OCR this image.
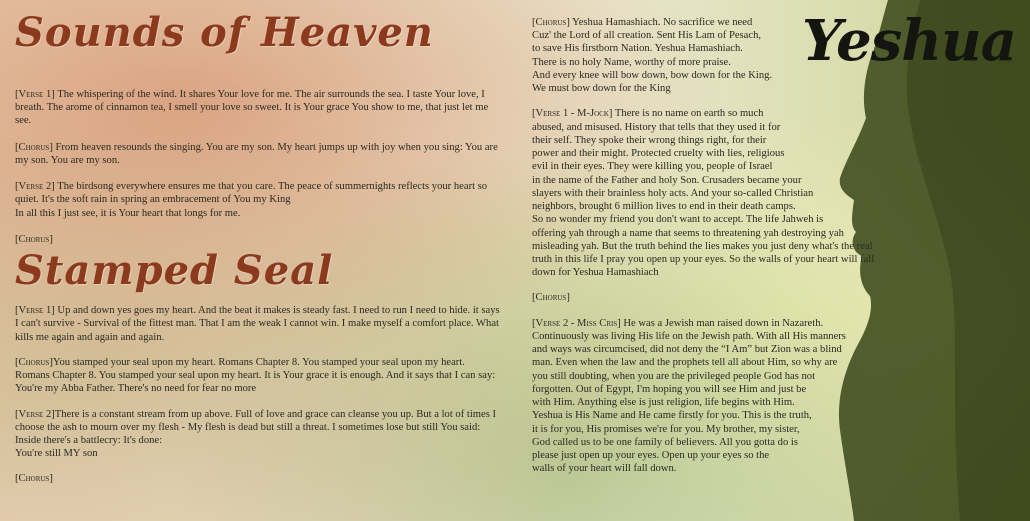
Yeshua
Sounds of Heaven

[Verse 1] The whispering of the wind. It shares Your love for me. The air surrounds the sea. I taste Your love, I breath. The arome of cinnamon tea, I smell your love so sweet. It is Your grace You show to me, that just let me see.

[Chorus] From heaven resounds the singing. You are my son. My heart jumps up with joy when you sing: You are my son. You are my son.

[Verse 2] The birdsong everywhere ensures me that you care. The peace of summernights reflects your heart so quiet. It's the soft rain in spring an embracement of You my King
In all this I just see, it is Your heart that longs for me.

[Chorus]

Stamped Seal

[Verse 1] Up and down yes goes my heart. And the beat it makes is steady fast. I need to run I need to hide. it says I can't survive - Survival of the fittest man. That I am the weak I cannot win. I make myself a comfort place. What kills me again and again and again.

[Chorus]You stamped your seal upon my heart. Romans Chapter 8. You stamped your seal upon my heart. Romans Chapter 8. You stamped your seal upon my heart. It is Your grace it is enough. And it says that I can say: You're my Abba Father. There's no need for fear no more

[Verse 2]There is a constant stream from up above. Full of love and grace can cleanse you up. But a lot of times I choose the ash to mourn over my flesh - My flesh is dead but still a threat. I sometimes lose but still You said: Inside there's a battlecry: It's done:
You're still MY son

[Chorus]

[Chorus] Yeshua Hamashiach. No sacrifice we need
Cuz' the Lord of all creation. Sent His Lam of Pesach,
to save His firstborn Nation. Yeshua Hamashiach.
There is no holy Name, worthy of more praise.
And every knee will bow down, bow down for the King.
We must bow down for the King

[Verse 1 - M-Jock] There is no name on earth so much
abused, and misused. History that tells that they used it for
their self. They spoke their wrong things right, for their
power and their might. Protected cruelty with lies, religious
evil in their eyes. They were killing you, people of Israel
in the name of the Father and holy Son. Crusaders became your
slayers with their brainless holy acts. And your so-called Christian
neighbors, brought 6 million lives to end in their death camps.
So no wonder my friend you don't want to accept. The life Jahweh is
offering yah through a name that seems to threatening yah destroying yah
misleading yah. But the truth behind the lies makes you just deny what's the real
truth in this life I pray you open up your eyes. So the walls of your heart will fall
down for Yeshua Hamashiach

[Chorus]

[Verse 2 - Miss Cris] He was a Jewish man raised down in Nazareth.
Continuously was living His life on the Jewish path. With all His manners
and ways was circumcised, did not deny the “I Am” but Zion was a blind
man. Even when the law and the prophets tell all about Him, so why are
you still doubting, when you are the privileged people God has not
forgotten. Out of Egypt, I'm hoping you will see Him and just be
with Him. Anything else is just religion, life begins with Him.
Yeshua is His Name and He came firstly for you. This is the truth,
it is for you, His promises we're for you. My brother, my sister,
God called us to be one family of believers. All you gotta do is
please just open up your eyes. Open up your eyes so the
walls of your heart will fall down.
